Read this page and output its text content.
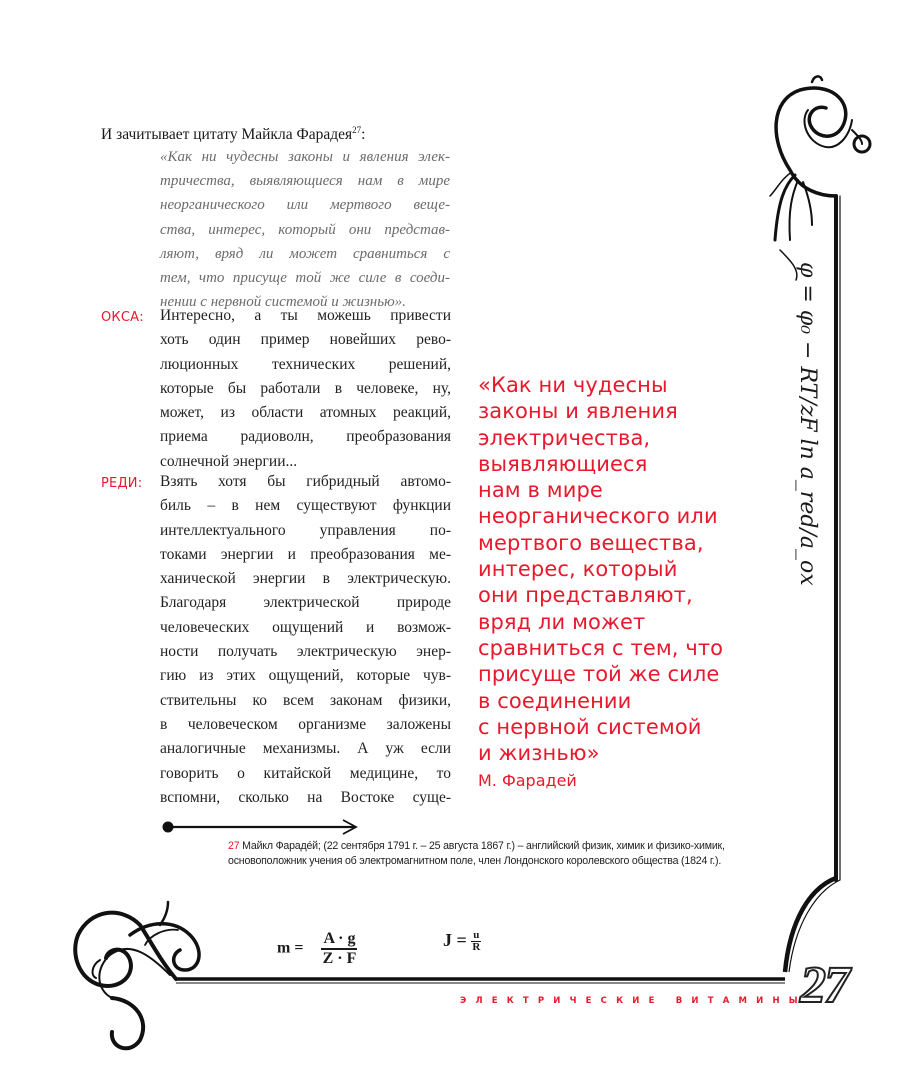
И зачитывает цитату Майкла Фарадея$^{27}$:
«Как ни чудесны законы и явления элек-
тричества, выявляющиеся нам в мире
неорганического или мертвого веще-
ства, интерес, который они представ-
ляют, вряд ли может сравниться с
тем, что присуще той же силе в соеди-
нении с нервной системой и жизнью».
ОКСА: Интересно, а ты можешь привести
хоть один пример новейших рево-
люционных технических решений,
которые бы работали в человеке, ну,
может, из области атомных реакций,
приема радиоволн, преобразования
солнечной энергии...
РЕДИ: Взять хотя бы гибридный автомо-
биль – в нем существуют функции
интеллектуального управления по-
токами энергии и преобразования ме-
ханической энергии в электрическую.
Благодаря электрической природе
человеческих ощущений и возмож-
ности получать электрическую энер-
гию из этих ощущений, которые чув-
ствительны ко всем законам физики,
в человеческом организме заложены
аналогичные механизмы. А уж если
говорить о китайской медицине, то
вспомни, сколько на Востоке суще-
«Как ни чудесны
законы и явления
электричества,
выявляющиеся
нам в мире
неорганического или
мертвого вещества,
интерес, который
они представляют,
вряд ли может
сравниться с тем, что
присуще той же силе
в соединении
с нервной системой
и жизнью»
М. Фарадей
φ = φ₀ − RT/zF ln a_red/a_ox
27 Майкл Фараде́й; (22 сентября 1791 г. – 25 августа 1867 г.) – английский физик, химик и физико-химик,
основоположник учения об электромагнитном поле, член Лондонского королевского общества (1824 г.).
$m = \frac{A \cdot g}{Z \cdot F}$	$J = \frac{u}{R}$
ЭЛЕКТРИЧЕСКИЕ ВИТАМИНЫ
27
